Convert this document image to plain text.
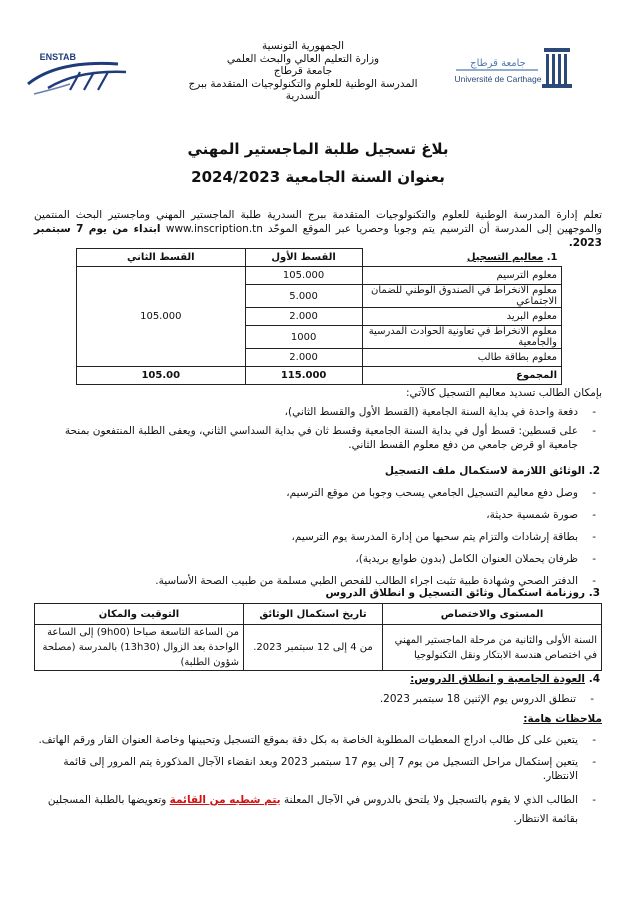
ENSTAB
الجمهورية التونسية
وزارة التعليم العالي والبحث العلمي
جامعة قرطاج
المدرسة الوطنية للعلوم والتكنولوجيات المتقدمة ببرج السدرية
جامعة قرطاج
Université de Carthage
بلاغ تسجيل طلبة الماجستير المهني
بعنوان السنة الجامعية 2024/2023
تعلم إدارة المدرسة الوطنية للعلوم والتكنولوجيات المتقدمة ببرج السدرية طلبة الماجستير المهني وماجستير البحث المنتمين والموجهين إلى المدرسة أن الترسيم يتم وجوبا وحصريا عبر الموقع الموحّد www.inscription.tn ابتداء من يوم 7 سبتمبر 2023.
1. معاليم التسجيل	القسط الأول	القسط الثاني
معلوم الترسيم	105.000	105.000
معلوم الانخراط في الصندوق الوطني للضمان الاجتماعي	5.000	
معلوم البريد	2.000	
معلوم الانخراط في تعاونية الحوادث المدرسية والجامعية	1000	
معلوم بطاقة طالب	2.000	
المجموع	115.000	105.00
بإمكان الطالب تسديد معاليم التسجيل كالآتي:
- دفعة واحدة في بداية السنة الجامعية (القسط الأول والقسط الثاني)،
- على قسطين: قسط أول في بداية السنة الجامعية وقسط ثان في بداية السداسي الثاني، ويعفى الطلبة المنتفعون بمنحة جامعية او قرض جامعي من دفع معلوم القسط الثاني.
2. الوثائق اللازمة لاستكمال ملف التسجيل
- وصل دفع معاليم التسجيل الجامعي يسحب وجوبا من موقع الترسيم،
- صورة شمسية حديثة،
- بطاقة إرشادات والتزام يتم سحبها من إدارة المدرسة يوم الترسيم،
- ظرفان يحملان العنوان الكامل (بدون طوابع بريدية)،
- الدفتر الصحي وشهادة طبية تثبت اجراء الطالب للفحص الطبي مسلمة من طبيب الصحة الأساسية.
3. روزنامة استكمال وثائق التسجيل و انطلاق الدروس
المستوى والاختصاص	تاريخ استكمال الوثائق	التوقيت والمكان
السنة الأولى والثانية من مرحلة الماجستير المهني في اختصاص هندسة الابتكار ونقل التكنولوجيا	من 4 إلى 12 سبتمبر 2023.	من الساعة التاسعة صباحا (9h00) إلى الساعة الواحدة بعد الزوال (13h30) بالمدرسة (مصلحة شؤون الطلبة)
4. العودة الجامعية و انطلاق الدروس:
- تنطلق الدروس يوم الإثنين 18 سبتمبر 2023.
ملاحظات هامة:
- يتعين على كل طالب ادراج المعطيات المطلوبة الخاصة به بكل دقة بموقع التسجيل وتحيينها وخاصة العنوان القار ورقم الهاتف.
- يتعين إستكمال مراحل التسجيل من يوم 7 إلى يوم 17 سبتمبر 2023 وبعد انقضاء الآجال المذكورة يتم المرور إلى قائمة الانتظار.
- الطالب الذي لا يقوم بالتسجيل ولا يلتحق بالدروس في الآجال المعلنة يتم شطبه من القائمة وتعويضها بالطلبة المسجلين بقائمة الانتظار.
